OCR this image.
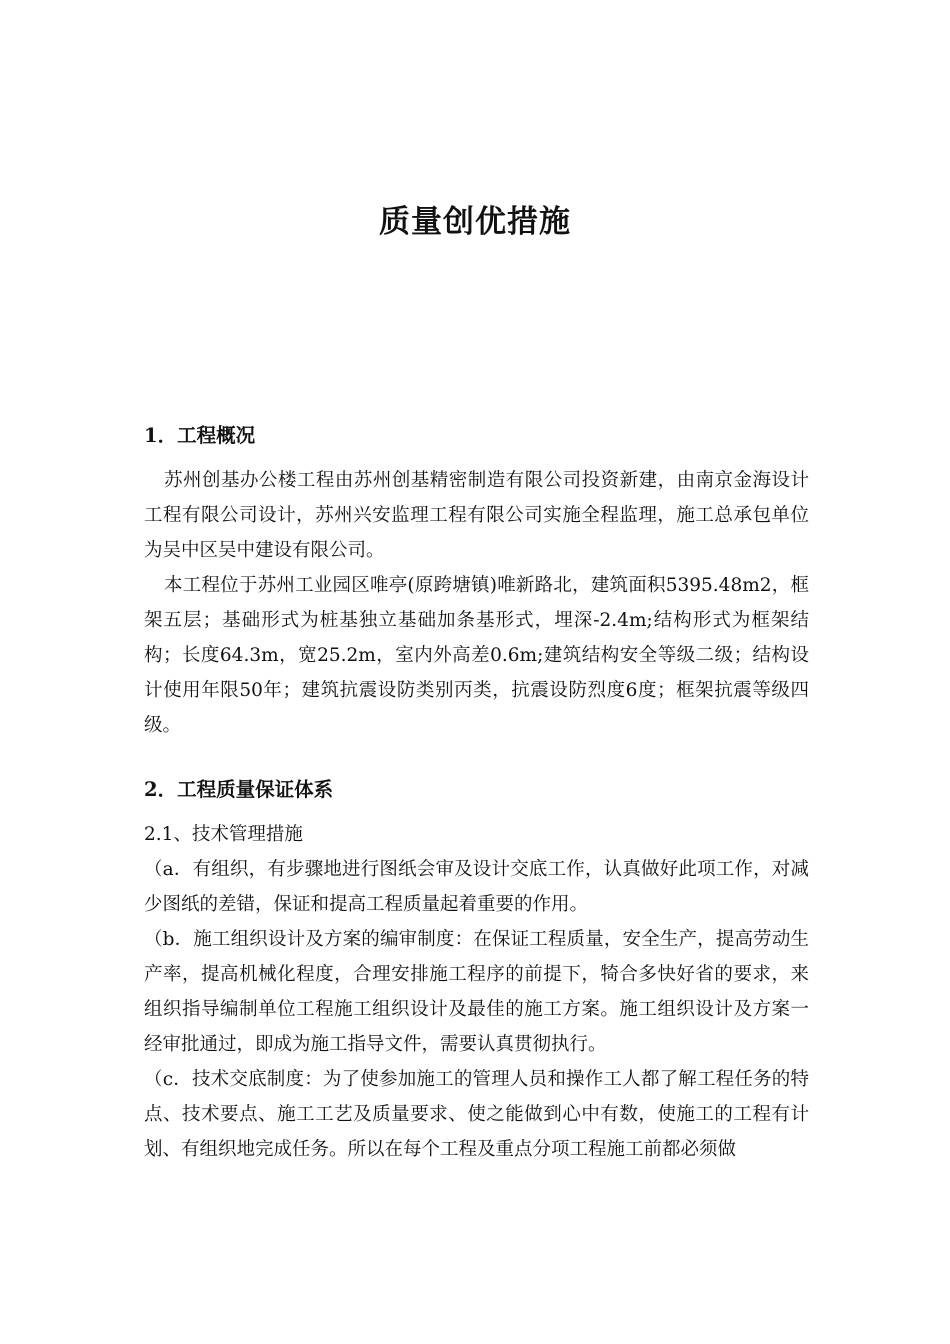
质量创优措施

1．工程概况

苏州创基办公楼工程由苏州创基精密制造有限公司投资新建，由南京金海设计工程有限公司设计，苏州兴安监理工程有限公司实施全程监理，施工总承包单位为吴中区吴中建设有限公司。

本工程位于苏州工业园区唯亭(原跨塘镇)唯新路北，建筑面积5395.48m2，框架五层；基础形式为桩基独立基础加条基形式，埋深-2.4m;结构形式为框架结构；长度64.3m，宽25.2m，室内外高差0.6m;建筑结构安全等级二级；结构设计使用年限50年；建筑抗震设防类别丙类，抗震设防烈度6度；框架抗震等级四级。

2．工程质量保证体系

2.1、技术管理措施

（a．有组织，有步骤地进行图纸会审及设计交底工作，认真做好此项工作，对减少图纸的差错，保证和提高工程质量起着重要的作用。

（b．施工组织设计及方案的编审制度：在保证工程质量，安全生产，提高劳动生产率，提高机械化程度，合理安排施工程序的前提下，犄合多快好省的要求，来组织指导编制单位工程施工组织设计及最佳的施工方案。施工组织设计及方案一经审批通过，即成为施工指导文件，需要认真贯彻执行。

（c．技术交底制度：为了使参加施工的管理人员和操作工人都了解工程任务的特点、技术要点、施工工艺及质量要求、使之能做到心中有数，使施工的工程有计划、有组织地完成任务。所以在每个工程及重点分项工程施工前都必须做
